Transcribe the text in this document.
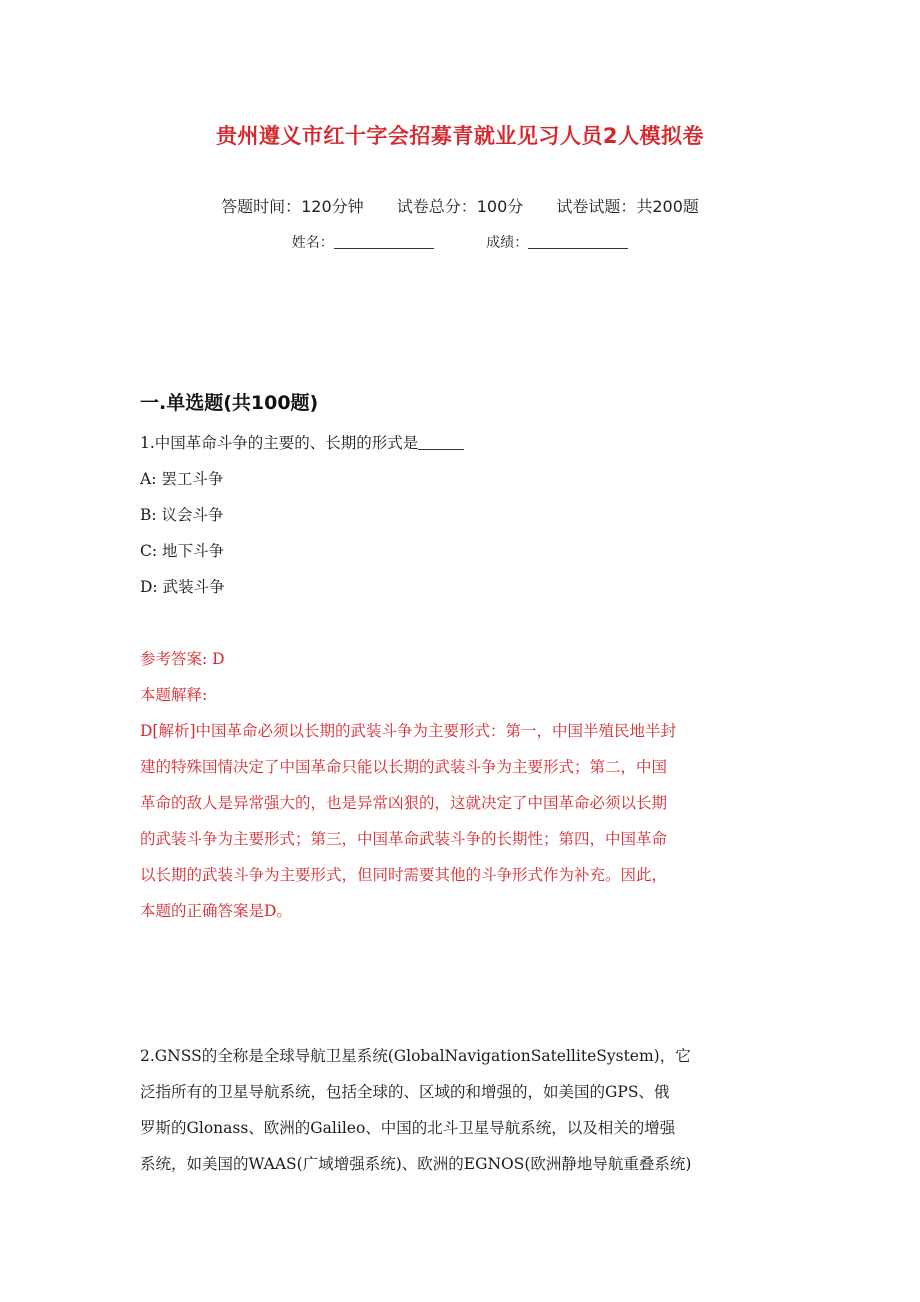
贵州遵义市红十字会招募青就业见习人员2人模拟卷
答题时间：120分钟 试卷总分：100分 试卷试题：共200题
姓名：	成绩：
一.单选题(共100题)
1.中国革命斗争的主要的、长期的形式是
A: 罢工斗争
B: 议会斗争
C: 地下斗争
D: 武装斗争
参考答案: D
本题解释:
D[解析]中国革命必须以长期的武装斗争为主要形式：第一，中国半殖民地半封
建的特殊国情决定了中国革命只能以长期的武装斗争为主要形式；第二，中国
革命的敌人是异常强大的，也是异常凶狠的，这就决定了中国革命必须以长期
的武装斗争为主要形式；第三，中国革命武装斗争的长期性；第四，中国革命
以长期的武装斗争为主要形式，但同时需要其他的斗争形式作为补充。因此，
本题的正确答案是D。
2.GNSS的全称是全球导航卫星系统(GlobalNavigationSatelliteSystem)，它
泛指所有的卫星导航系统，包括全球的、区域的和增强的，如美国的GPS、俄
罗斯的Glonass、欧洲的Galileo、中国的北斗卫星导航系统，以及相关的增强
系统，如美国的WAAS(广域增强系统)、欧洲的EGNOS(欧洲静地导航重叠系统)
